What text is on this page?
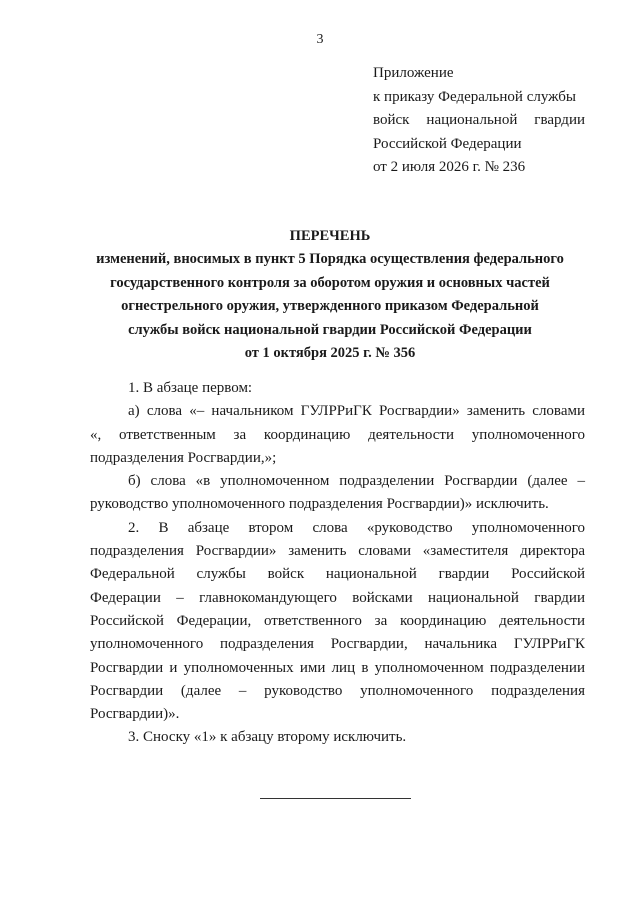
3
Приложение
к приказу Федеральной службы
войск национальной гвардии
Российской Федерации
от 2 июля 2026 г. № 236
ПЕРЕЧЕНЬ
изменений, вносимых в пункт 5 Порядка осуществления федерального
государственного контроля за оборотом оружия и основных частей
огнестрельного оружия, утвержденного приказом Федеральной
службы войск национальной гвардии Российской Федерации
от 1 октября 2025 г. № 356
1. В абзаце первом:
а) слова «– начальником ГУЛРРиГК Росгвардии» заменить словами
«, ответственным за координацию деятельности уполномоченного
подразделения Росгвардии,»;
б) слова «в уполномоченном подразделении Росгвардии (далее –
руководство уполномоченного подразделения Росгвардии)» исключить.
2. В абзаце втором слова «руководство уполномоченного
подразделения Росгвардии» заменить словами «заместителя директора
Федеральной службы войск национальной гвардии Российской
Федерации – главнокомандующего войсками национальной гвардии
Российской Федерации, ответственного за координацию деятельности
уполномоченного подразделения Росгвардии, начальника ГУЛРРиГК
Росгвардии и уполномоченных ими лиц в уполномоченном подразделении
Росгвардии (далее – руководство уполномоченного подразделения
Росгвардии)».
3. Сноску «1» к абзацу второму исключить.
